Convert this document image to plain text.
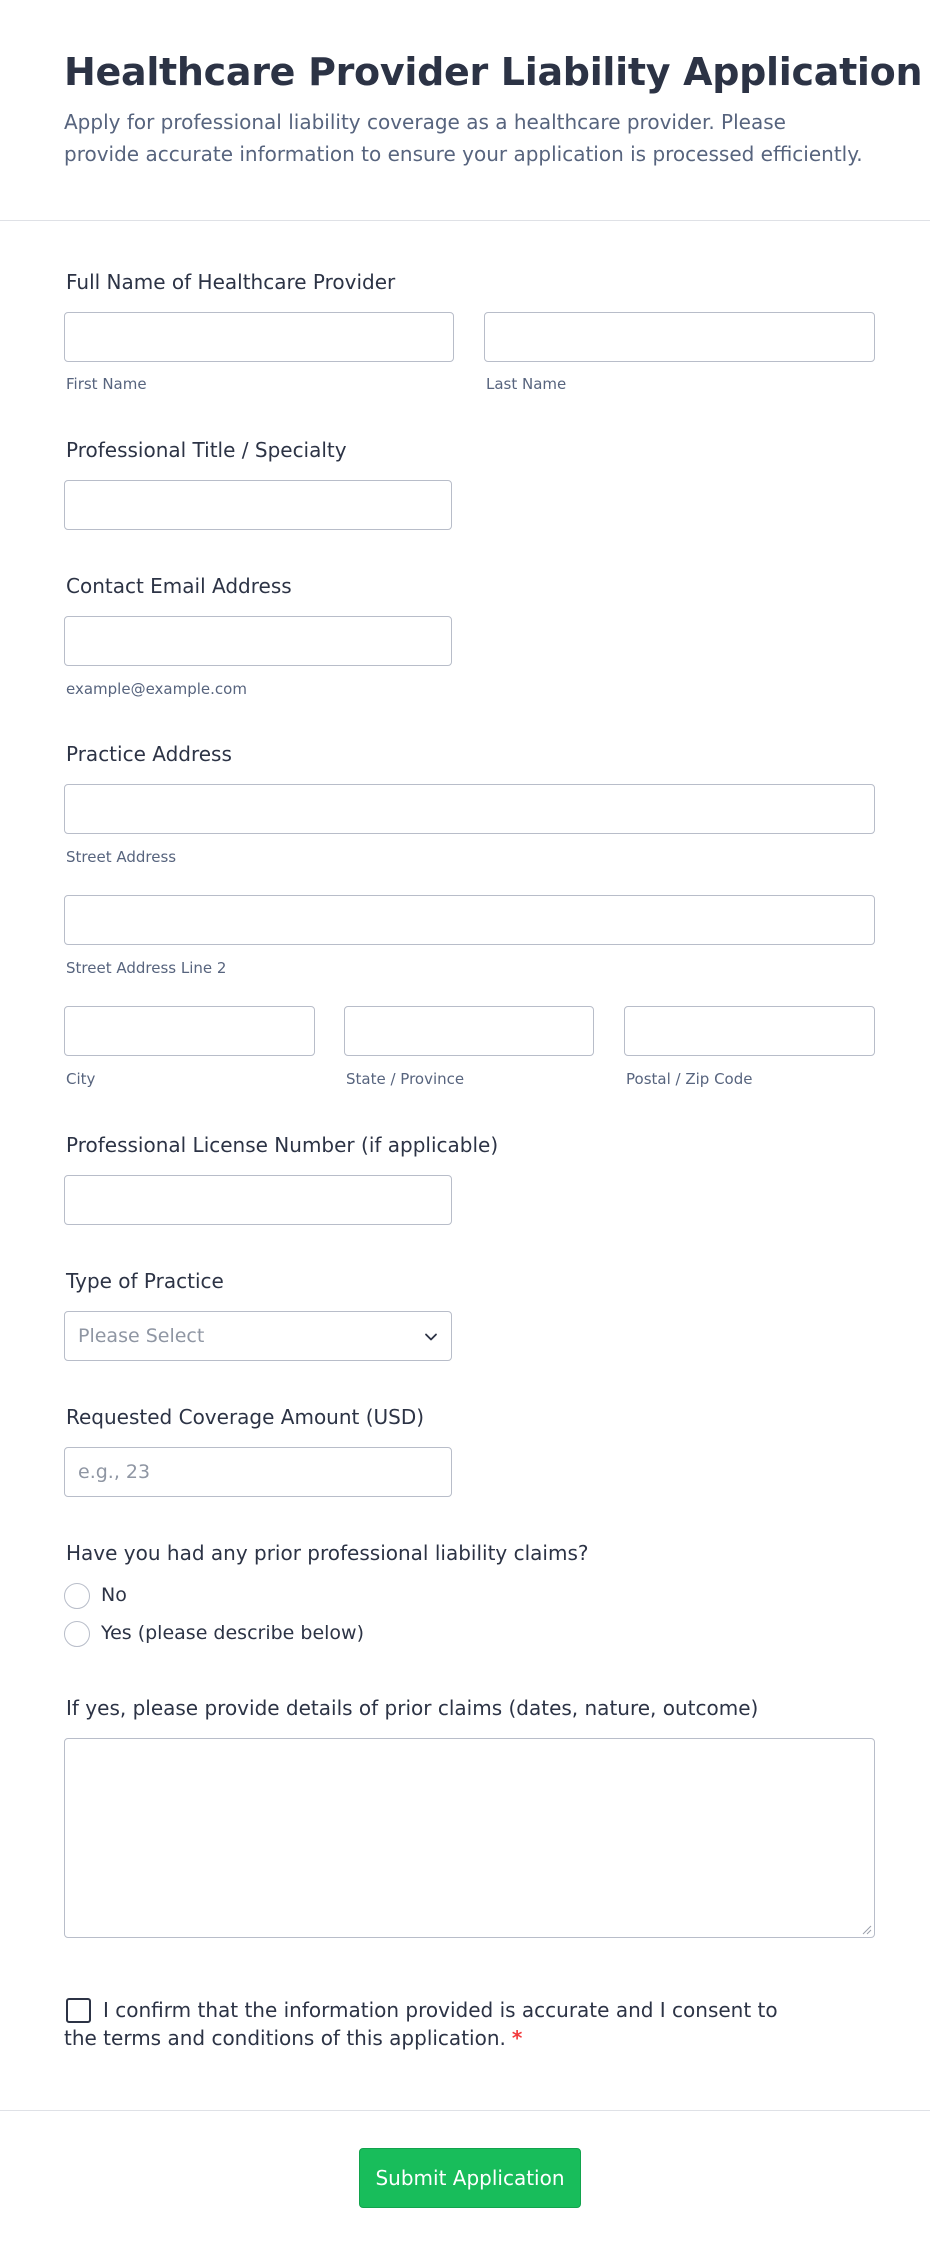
Healthcare Provider Liability Application

Apply for professional liability coverage as a healthcare provider. Please provide accurate information to ensure your application is processed efficiently.

Full Name of Healthcare Provider
First Name	Last Name
Professional Title / Specialty
Contact Email Address
example@example.com
Practice Address
Street Address
Street Address Line 2
City	State / Province	Postal / Zip Code
Professional License Number (if applicable)
Type of Practice
Please Select
Requested Coverage Amount (USD)
e.g., 23
Have you had any prior professional liability claims?
No
Yes (please describe below)
If yes, please provide details of prior claims (dates, nature, outcome)
I confirm that the information provided is accurate and I consent to the terms and conditions of this application. *
Submit Application
